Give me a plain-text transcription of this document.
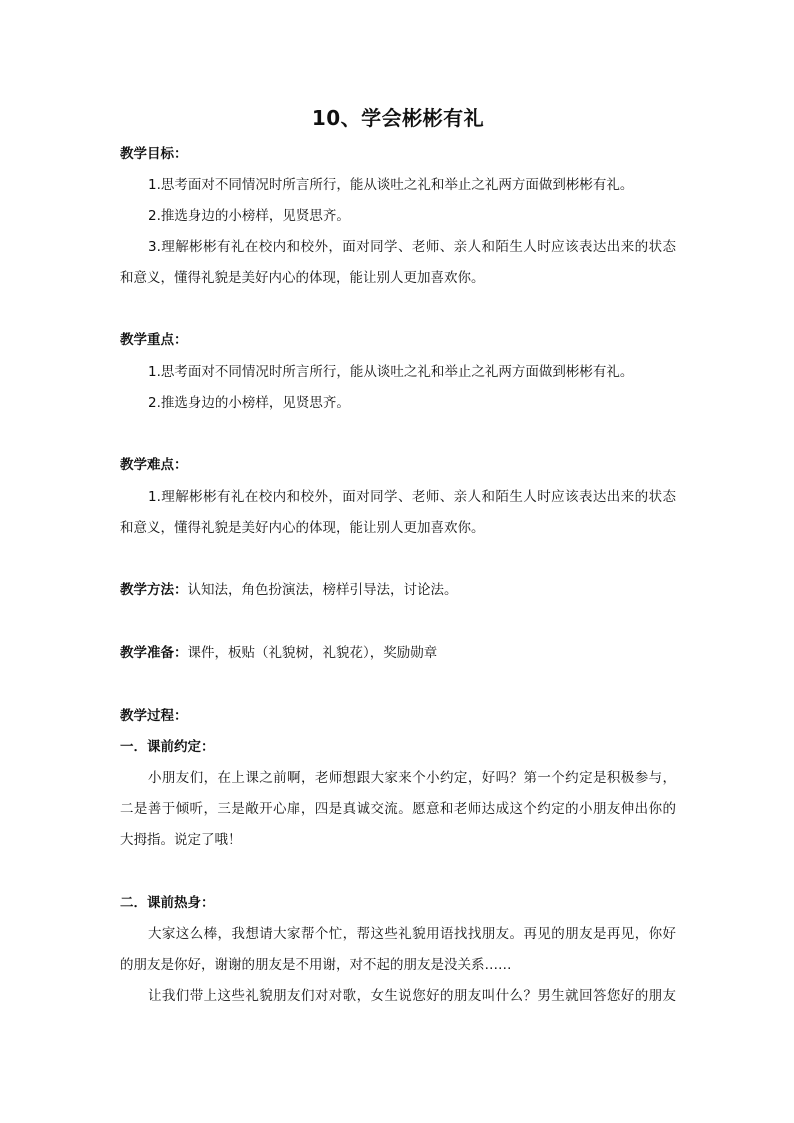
10、学会彬彬有礼
教学目标：
1.思考面对不同情况时所言所行，能从谈吐之礼和举止之礼两方面做到彬彬有礼。
2.推选身边的小榜样，见贤思齐。
3.理解彬彬有礼在校内和校外，面对同学、老师、亲人和陌生人时应该表达出来的状态
和意义，懂得礼貌是美好内心的体现，能让别人更加喜欢你。
教学重点：
1.思考面对不同情况时所言所行，能从谈吐之礼和举止之礼两方面做到彬彬有礼。
2.推选身边的小榜样，见贤思齐。
教学难点：
1.理解彬彬有礼在校内和校外，面对同学、老师、亲人和陌生人时应该表达出来的状态
和意义，懂得礼貌是美好内心的体现，能让别人更加喜欢你。
教学方法：认知法，角色扮演法，榜样引导法，讨论法。
教学准备：课件，板贴（礼貌树，礼貌花），奖励勋章
教学过程：
一．课前约定：
小朋友们，在上课之前啊，老师想跟大家来个小约定，好吗？第一个约定是积极参与，
二是善于倾听，三是敞开心扉，四是真诚交流。愿意和老师达成这个约定的小朋友伸出你的
大拇指。说定了哦！
二．课前热身：
大家这么棒，我想请大家帮个忙，帮这些礼貌用语找找朋友。再见的朋友是再见，你好
的朋友是你好，谢谢的朋友是不用谢，对不起的朋友是没关系……
让我们带上这些礼貌朋友们对对歌，女生说您好的朋友叫什么？男生就回答您好的朋友
